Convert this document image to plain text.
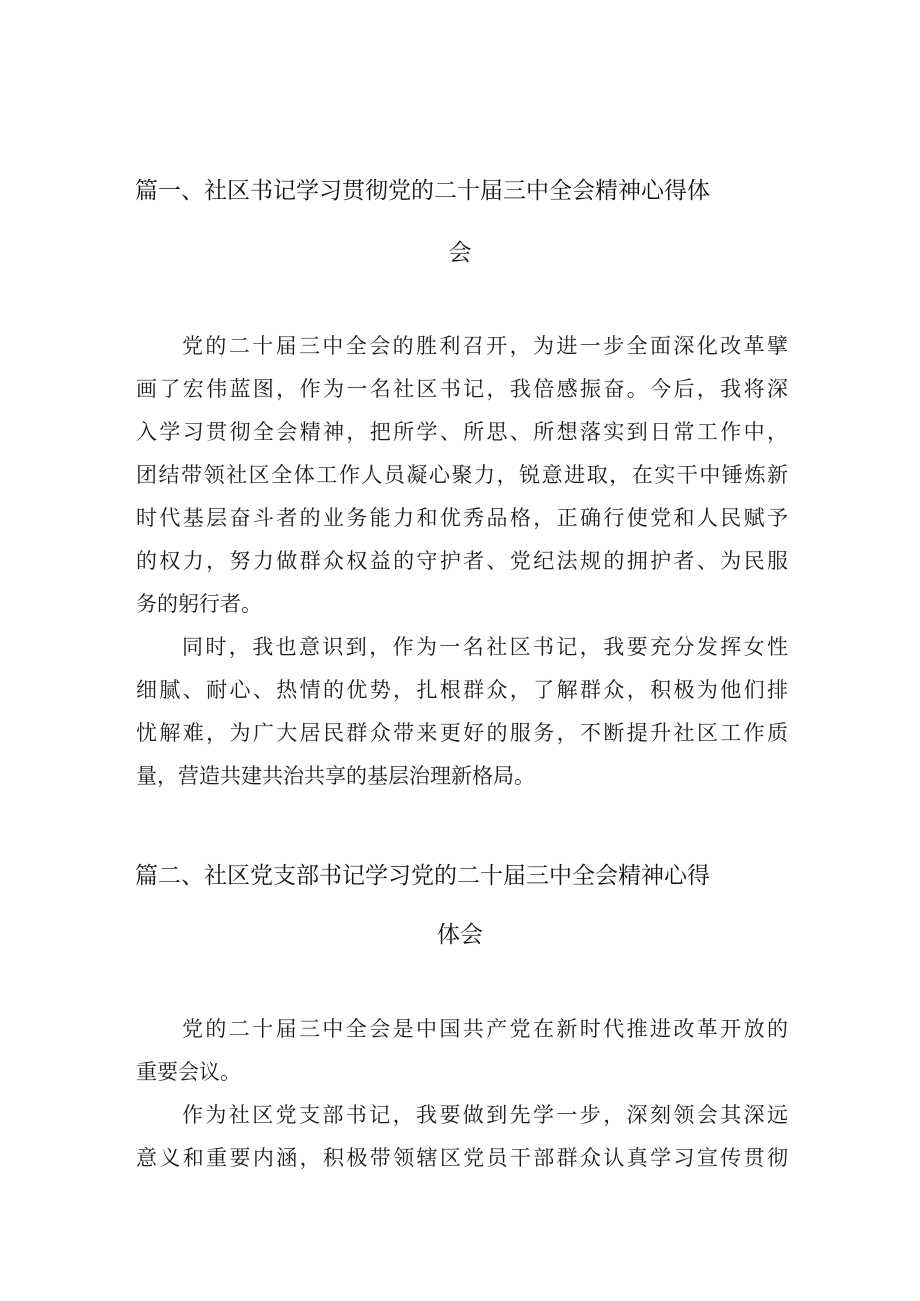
篇一、社区书记学习贯彻党的二十届三中全会精神心得体
会
党的二十届三中全会的胜利召开，为进一步全面深化改革擘
画了宏伟蓝图，作为一名社区书记，我倍感振奋。今后，我将深
入学习贯彻全会精神，把所学、所思、所想落实到日常工作中，
团结带领社区全体工作人员凝心聚力，锐意进取，在实干中锤炼新
时代基层奋斗者的业务能力和优秀品格，正确行使党和人民赋予
的权力，努力做群众权益的守护者、党纪法规的拥护者、为民服
务的躬行者。
同时，我也意识到，作为一名社区书记，我要充分发挥女性
细腻、耐心、热情的优势，扎根群众，了解群众，积极为他们排
忧解难，为广大居民群众带来更好的服务，不断提升社区工作质
量，营造共建共治共享的基层治理新格局。
篇二、社区党支部书记学习党的二十届三中全会精神心得
体会
党的二十届三中全会是中国共产党在新时代推进改革开放的
重要会议。
作为社区党支部书记，我要做到先学一步，深刻领会其深远
意义和重要内涵，积极带领辖区党员干部群众认真学习宣传贯彻
